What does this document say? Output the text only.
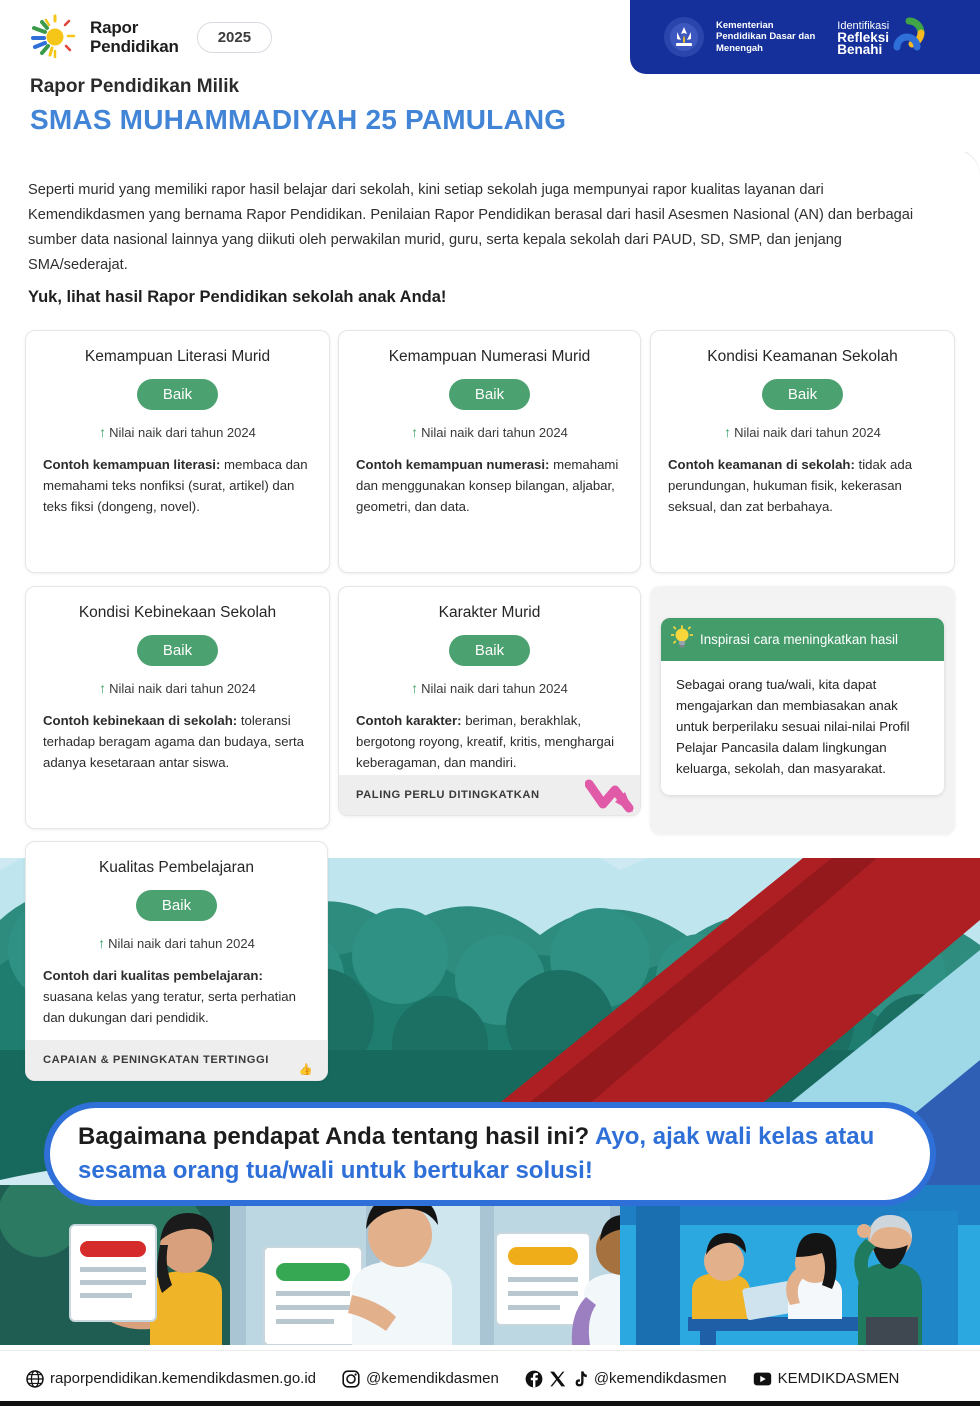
Rapor
Pendidikan	2025
Rapor Pendidikan Milik
SMAS MUHAMMADIYAH 25 PAMULANG
Kementerian
Pendidikan Dasar dan
Menengah
Identifikasi
Refleksi
Benahi
Seperti murid yang memiliki rapor hasil belajar dari sekolah, kini setiap sekolah juga mempunyai rapor kualitas layanan dari Kemendikdasmen yang bernama Rapor Pendidikan. Penilaian Rapor Pendidikan berasal dari hasil Asesmen Nasional (AN) dan berbagai sumber data nasional lainnya yang diikuti oleh perwakilan murid, guru, serta kepala sekolah dari PAUD, SD, SMP, dan jenjang SMA/sederajat.
Yuk, lihat hasil Rapor Pendidikan sekolah anak Anda!
Kemampuan Literasi Murid
Baik
↑ Nilai naik dari tahun 2024
Contoh kemampuan literasi: membaca dan memahami teks nonfiksi (surat, artikel) dan teks fiksi (dongeng, novel).
Kemampuan Numerasi Murid
Baik
↑ Nilai naik dari tahun 2024
Contoh kemampuan numerasi: memahami dan menggunakan konsep bilangan, aljabar, geometri, dan data.
Kondisi Keamanan Sekolah
Baik
↑ Nilai naik dari tahun 2024
Contoh keamanan di sekolah: tidak ada perundungan, hukuman fisik, kekerasan seksual, dan zat berbahaya.
Kondisi Kebinekaan Sekolah
Baik
↑ Nilai naik dari tahun 2024
Contoh kebinekaan di sekolah: toleransi terhadap beragam agama dan budaya, serta adanya kesetaraan antar siswa.
Karakter Murid
Baik
↑ Nilai naik dari tahun 2024
Contoh karakter: beriman, berakhlak, bergotong royong, kreatif, kritis, menghargai keberagaman, dan mandiri.
PALING PERLU DITINGKATKAN
Kualitas Pembelajaran
Baik
↑ Nilai naik dari tahun 2024
Contoh dari kualitas pembelajaran: suasana kelas yang teratur, serta perhatian dan dukungan dari pendidik.
CAPAIAN & PENINGKATAN TERTINGGI
👍
Inspirasi cara meningkatkan hasil
Sebagai orang tua/wali, kita dapat mengajarkan dan membiasakan anak untuk berperilaku sesuai nilai-nilai Profil Pelajar Pancasila dalam lingkungan keluarga, sekolah, dan masyarakat.
Bagaimana pendapat Anda tentang hasil ini? Ayo, ajak wali kelas atau sesama orang tua/wali untuk bertukar solusi!
raporpendidikan.kemendikdasmen.go.id	@kemendikdasmen	@kemendikdasmen	KEMDIKDASMEN
